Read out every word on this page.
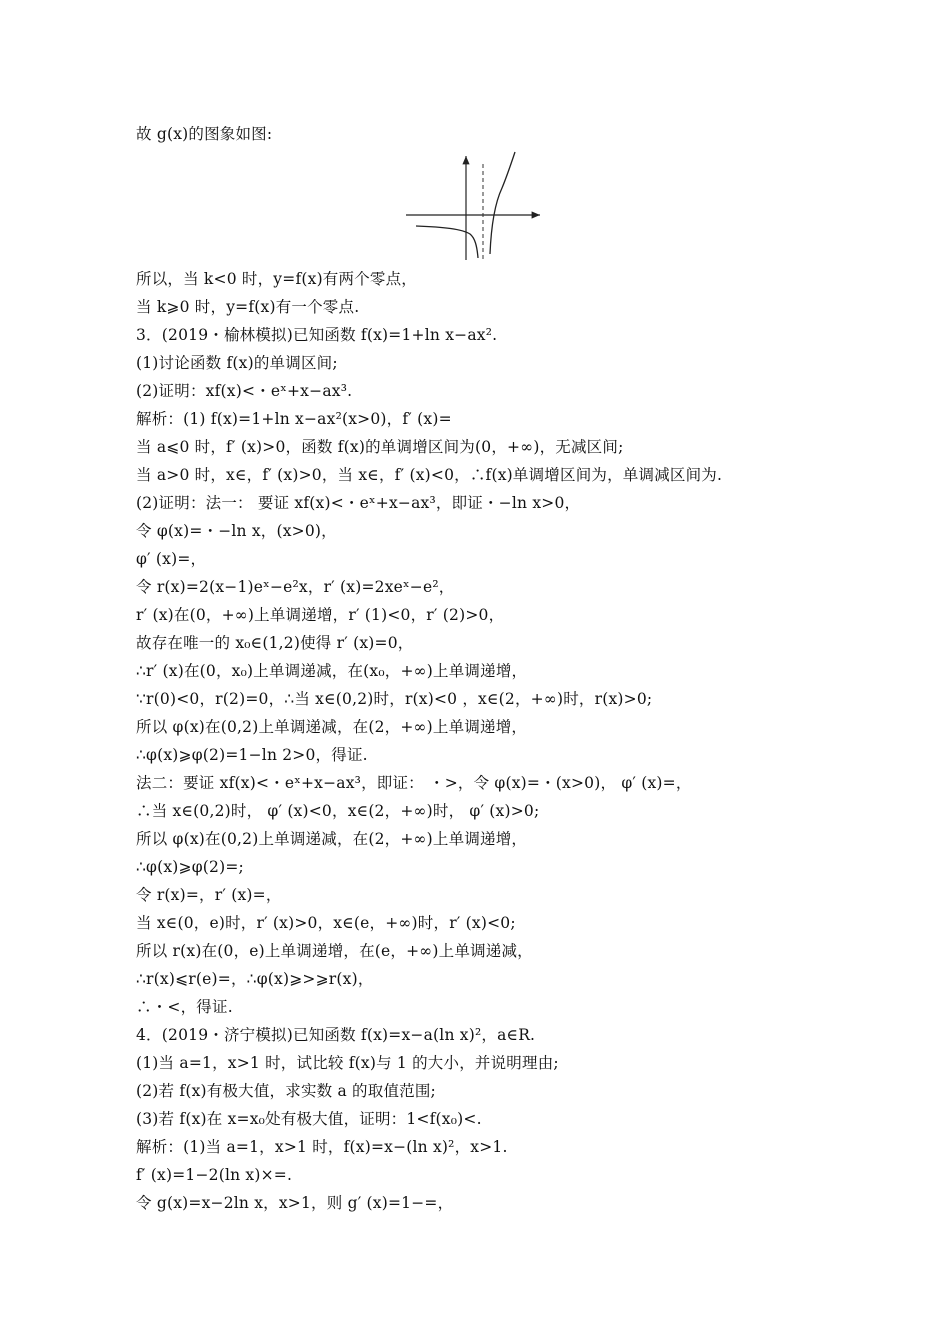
故 g(x)的图象如图:
所以，当 k<0 时，y=f(x)有两个零点，
当 k⩾0 时，y=f(x)有一个零点.
3．(2019・榆林模拟)已知函数 f(x)=1+ln x−ax².
(1)讨论函数 f(x)的单调区间;
(2)证明：xf(x)<・eˣ+x−ax³.
解析：(1) f(x)=1+ln x−ax²(x>0)，f′ (x)=
当 a⩽0 时，f′ (x)>0，函数 f(x)的单调增区间为(0，+∞)，无减区间;
当 a>0 时，x∈，f′ (x)>0，当 x∈，f′ (x)<0，∴f(x)单调增区间为，单调减区间为.
(2)证明：法一： 要证 xf(x)<・eˣ+x−ax³，即证・−ln x>0，
令 φ(x)=・−ln x，(x>0)，
φ′ (x)=，
令 r(x)=2(x−1)eˣ−e²x，r′ (x)=2xeˣ−e²，
r′ (x)在(0，+∞)上单调递增，r′ (1)<0，r′ (2)>0，
故存在唯一的 x₀∈(1,2)使得 r′ (x)=0，
∴r′ (x)在(0，x₀)上单调递减，在(x₀，+∞)上单调递增，
∵r(0)<0，r(2)=0，∴当 x∈(0,2)时，r(x)<0 ，x∈(2，+∞)时，r(x)>0;
所以 φ(x)在(0,2)上单调递减，在(2，+∞)上单调递增，
∴φ(x)⩾φ(2)=1−ln 2>0，得证.
法二：要证 xf(x)<・eˣ+x−ax³，即证： ・>，令 φ(x)=・(x>0)， φ′ (x)=，
∴当 x∈(0,2)时， φ′ (x)<0，x∈(2，+∞)时， φ′ (x)>0;
所以 φ(x)在(0,2)上单调递减，在(2，+∞)上单调递增，
∴φ(x)⩾φ(2)=;
令 r(x)=，r′ (x)=，
当 x∈(0，e)时，r′ (x)>0，x∈(e，+∞)时，r′ (x)<0;
所以 r(x)在(0，e)上单调递增，在(e，+∞)上单调递减，
∴r(x)⩽r(e)=，∴φ(x)⩾>⩾r(x)，
∴・<，得证.
4．(2019・济宁模拟)已知函数 f(x)=x−a(ln x)²，a∈R.
(1)当 a=1，x>1 时，试比较 f(x)与 1 的大小，并说明理由;
(2)若 f(x)有极大值，求实数 a 的取值范围;
(3)若 f(x)在 x=x₀处有极大值，证明：1<f(x₀)<.
解析：(1)当 a=1，x>1 时，f(x)=x−(ln x)²，x>1.
f′ (x)=1−2(ln x)×=.
令 g(x)=x−2ln x，x>1，则 g′ (x)=1−=，
